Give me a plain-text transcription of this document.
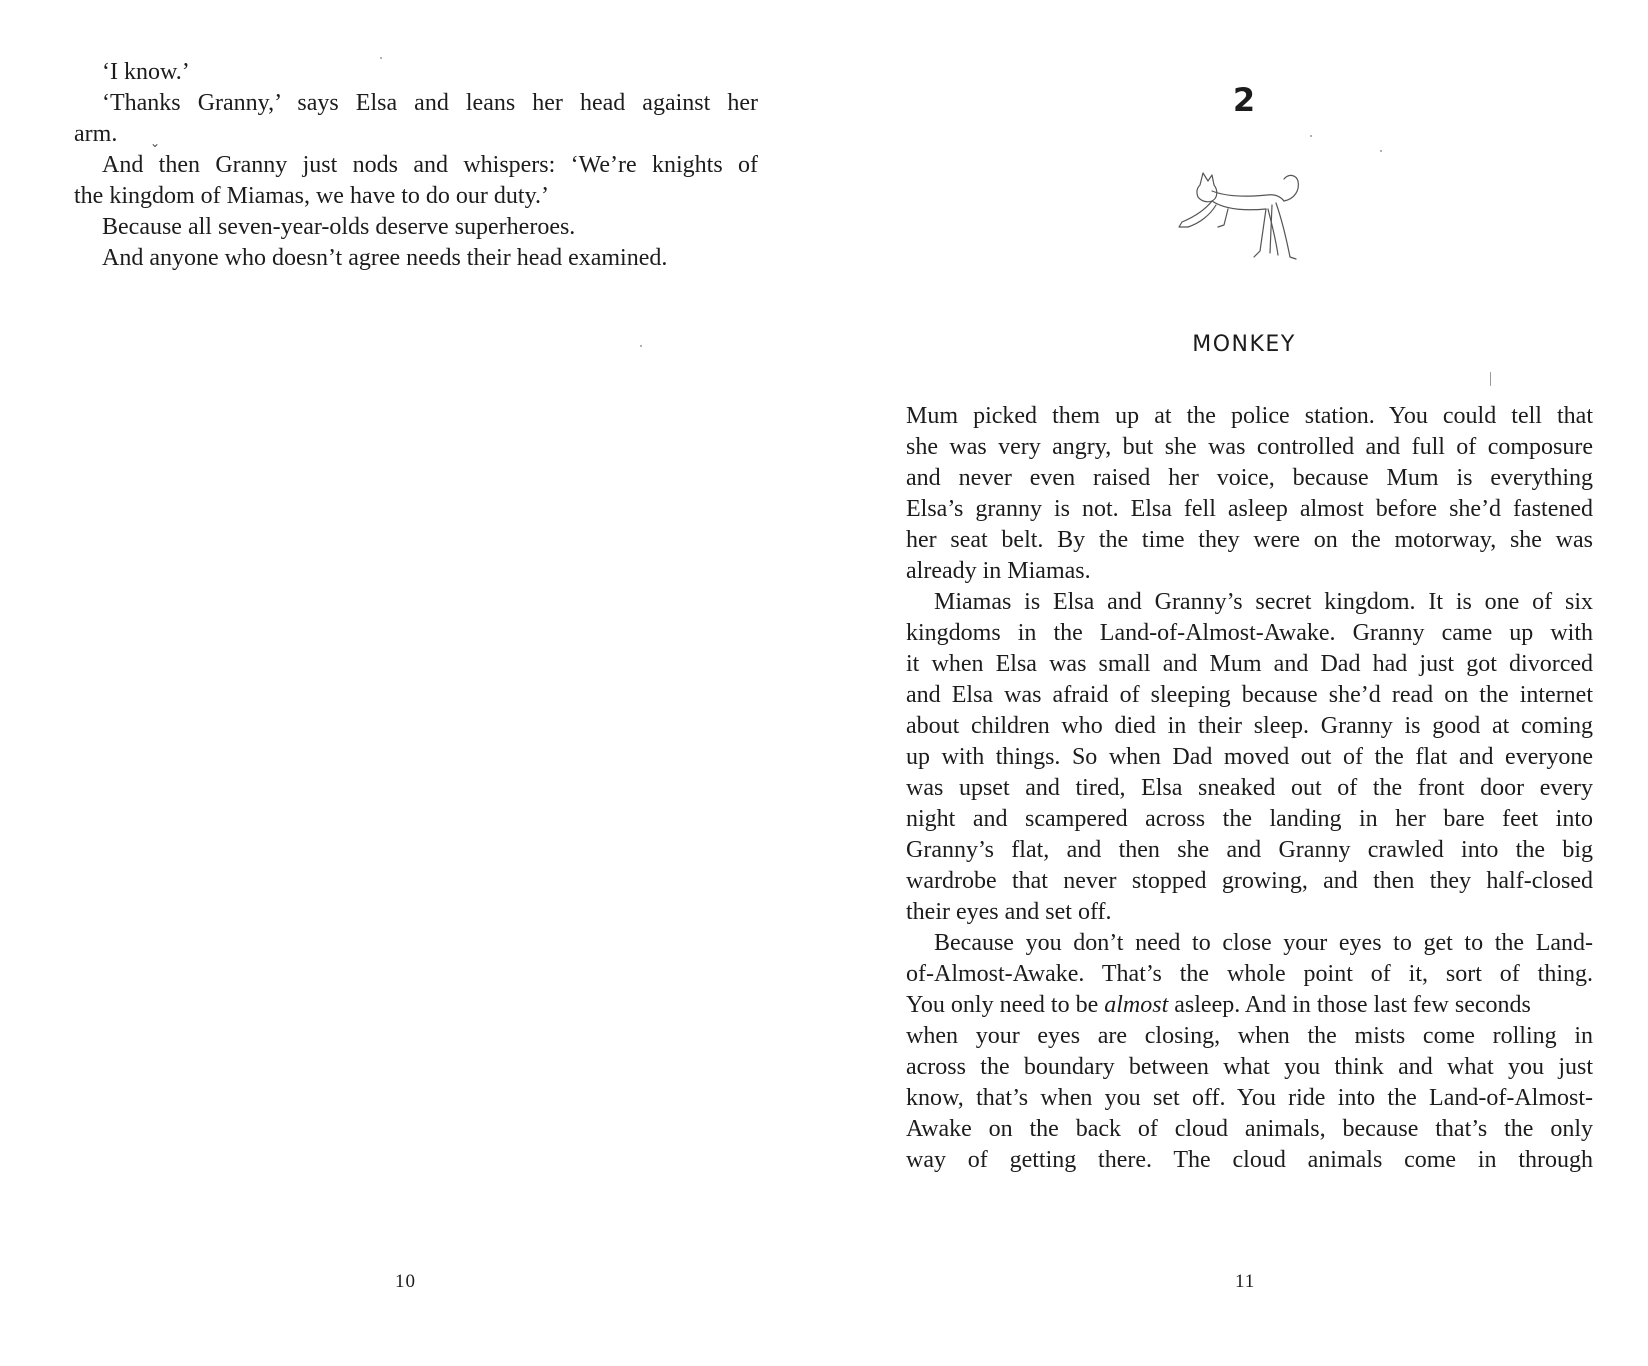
‘I know.’
‘Thanks Granny,’ says Elsa and leans her head against her
arm.
And then Granny just nods and whispers: ‘We’re knights of
the kingdom of Miamas, we have to do our duty.’
Because all seven-year-olds deserve superheroes.
And anyone who doesn’t agree needs their head examined.
⌄
10
2
MONKEY
Mum picked them up at the police station. You could tell that
she was very angry, but she was controlled and full of composure
and never even raised her voice, because Mum is everything
Elsa’s granny is not. Elsa fell asleep almost before she’d fastened
her seat belt. By the time they were on the motorway, she was
already in Miamas.
Miamas is Elsa and Granny’s secret kingdom. It is one of six
kingdoms in the Land-of-Almost-Awake. Granny came up with
it when Elsa was small and Mum and Dad had just got divorced
and Elsa was afraid of sleeping because she’d read on the internet
about children who died in their sleep. Granny is good at coming
up with things. So when Dad moved out of the flat and everyone
was upset and tired, Elsa sneaked out of the front door every
night and scampered across the landing in her bare feet into
Granny’s flat, and then she and Granny crawled into the big
wardrobe that never stopped growing, and then they half-closed
their eyes and set off.
Because you don’t need to close your eyes to get to the Land-
of-Almost-Awake. That’s the whole point of it, sort of thing.
You only need to be almost asleep. And in those last few seconds
when your eyes are closing, when the mists come rolling in
across the boundary between what you think and what you just
know, that’s when you set off. You ride into the Land-of-Almost-
Awake on the back of cloud animals, because that’s the only
way of getting there. The cloud animals come in through
11
